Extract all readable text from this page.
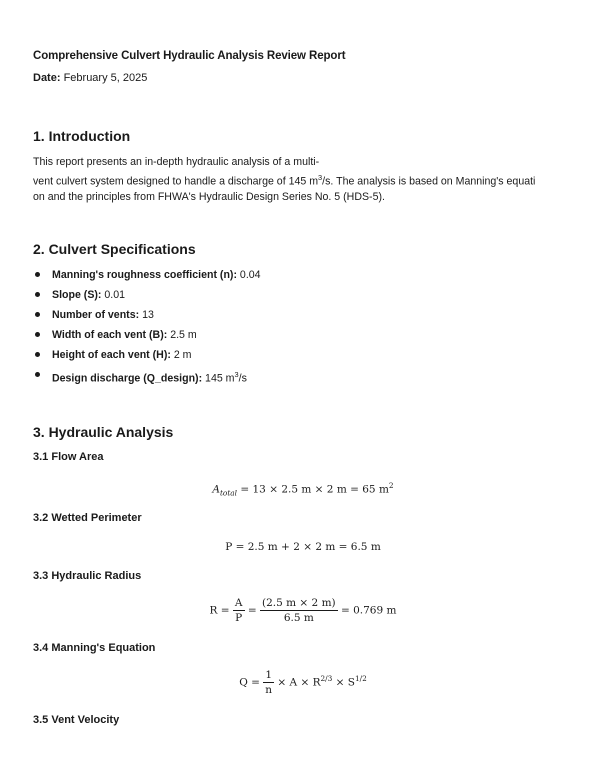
Comprehensive Culvert Hydraulic Analysis Review Report
Date: February 5, 2025
1. Introduction
This report presents an in-depth hydraulic analysis of a multi-
vent culvert system designed to handle a discharge of 145 $m^3/s$. The analysis is based on Manning's equati
on and the principles from FHWA's Hydraulic Design Series No. 5 (HDS-5).
2. Culvert Specifications
Manning's roughness coefficient (n): 0.04
Slope (S): 0.01
Number of vents: 13
Width of each vent (B): 2.5 m
Height of each vent (H): 2 m
Design discharge (Q_design): 145 $m^3/s$
3. Hydraulic Analysis
3.1 Flow Area
$A_{total} = 13 \times 2.5$ m × 2 m = 65 $m^2$
3.2 Wetted Perimeter
P = 2.5 m + 2 × 2 m = 6.5 m
3.3 Hydraulic Radius
$R = \frac{A}{P} = \frac{(2.5 m \times 2 m)}{6.5 m} = 0.769$ m
3.4 Manning's Equation
$Q = \frac{1}{n} \times A \times R^{2/3} \times S^{1/2}$
3.5 Vent Velocity
